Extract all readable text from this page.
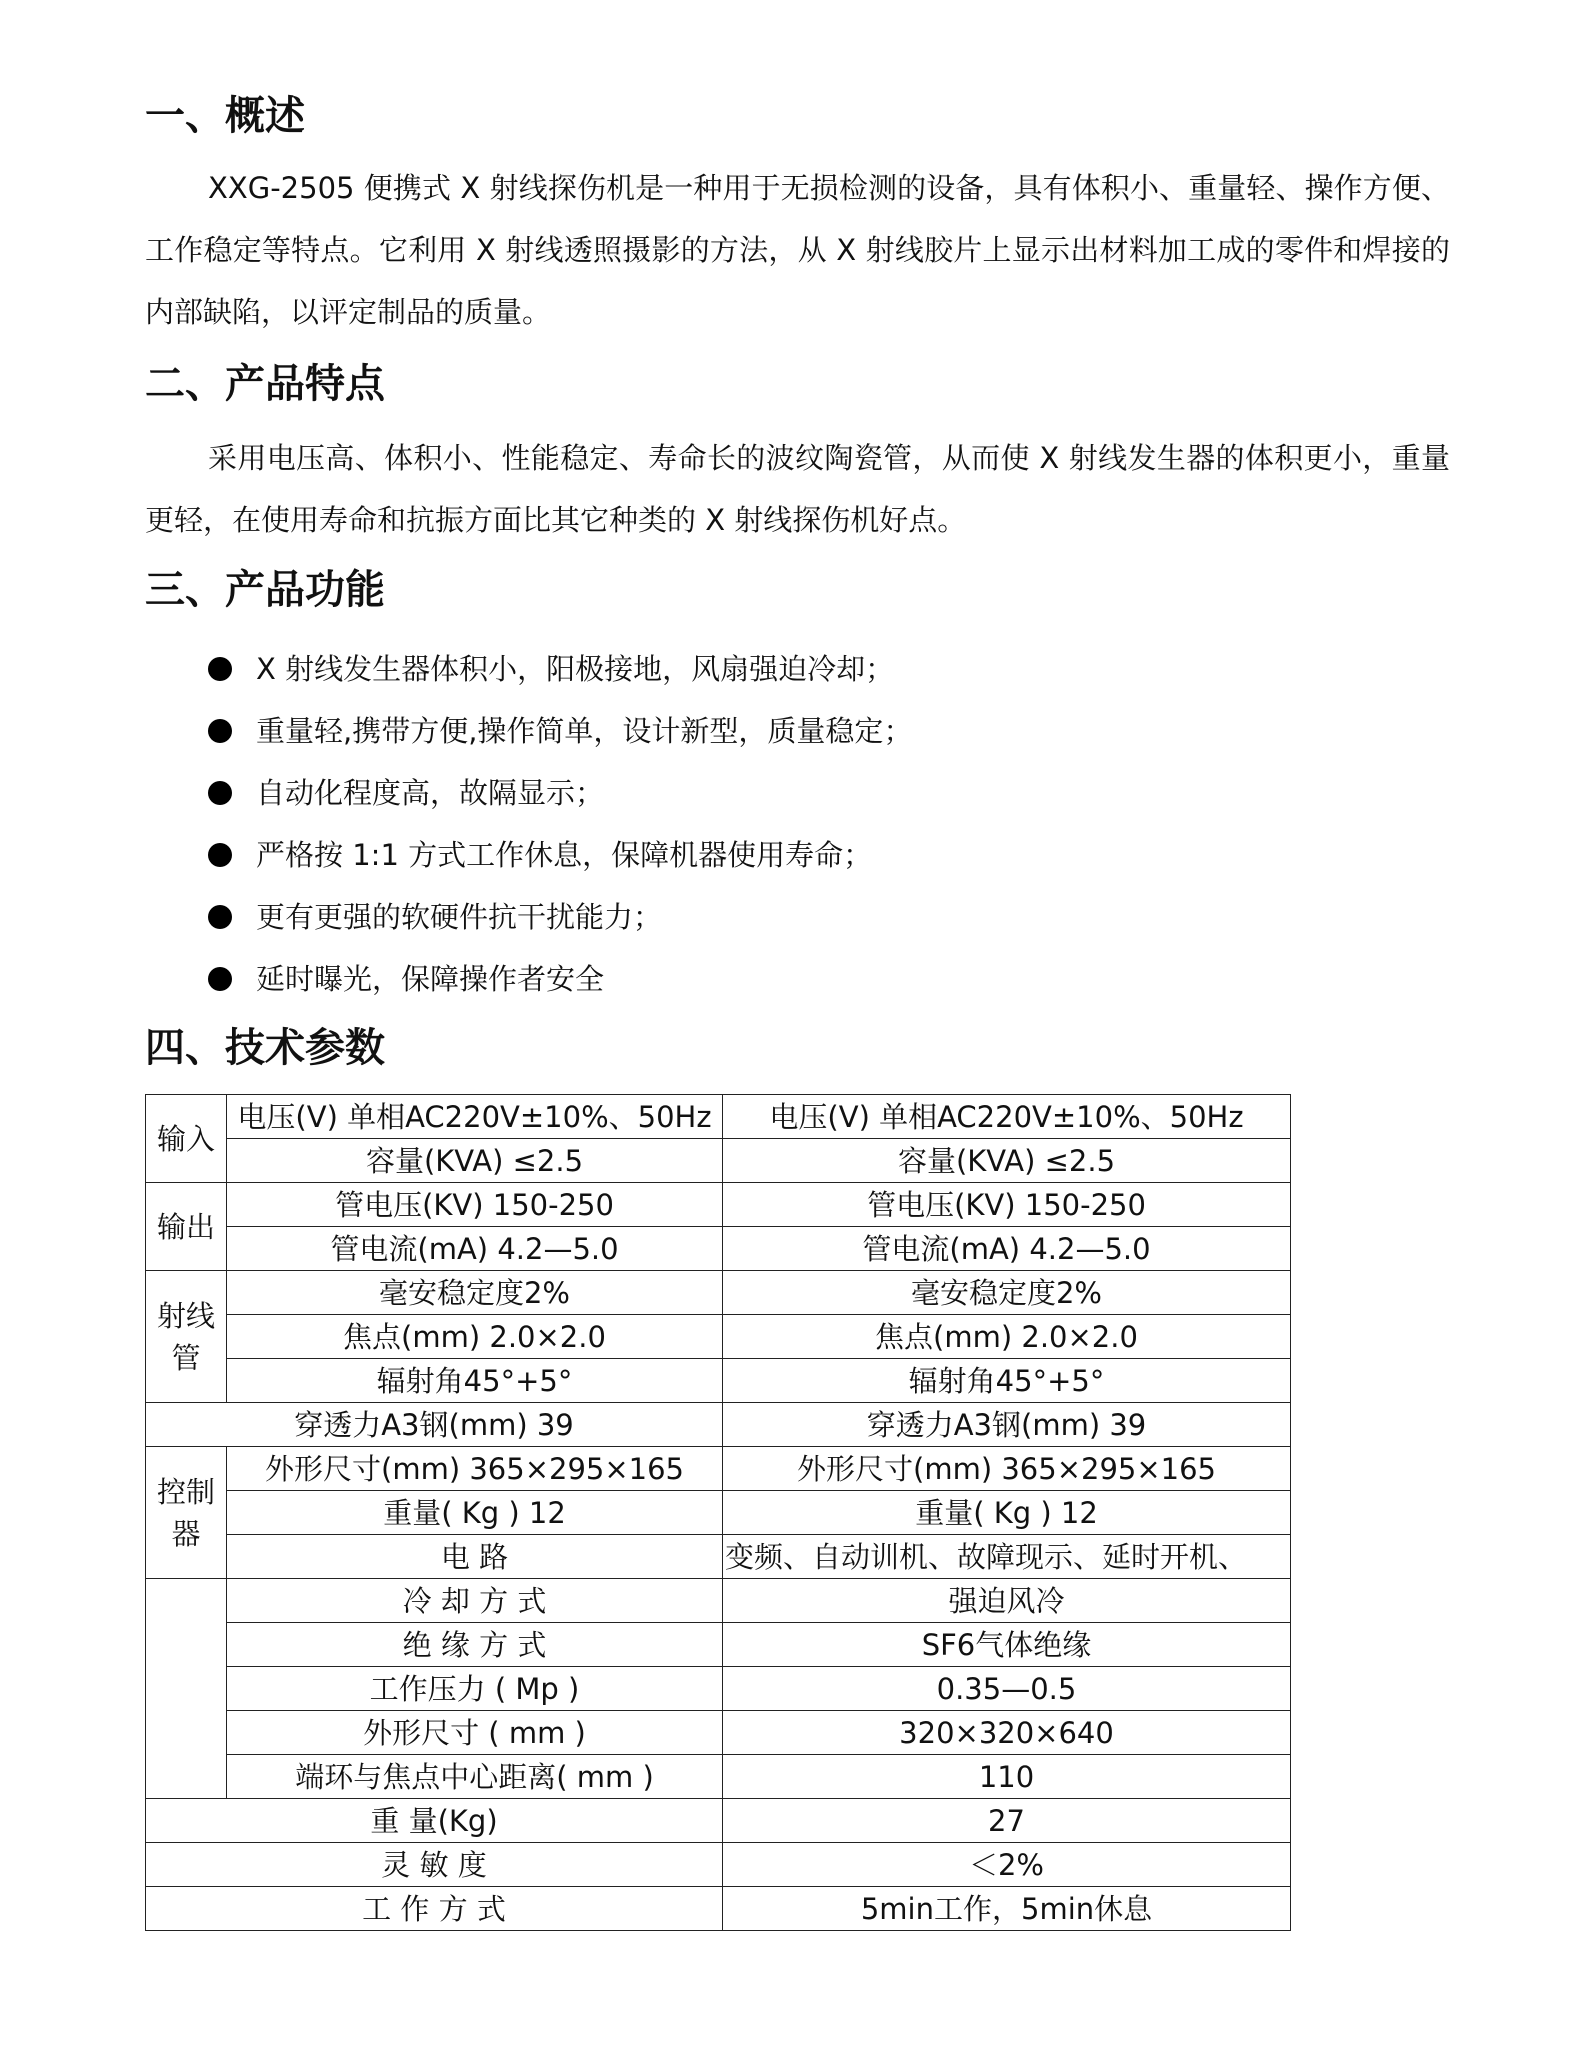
一、概述

XXG-2505 便携式 X 射线探伤机是一种用于无损检测的设备，具有体积小、重量轻、操作方便、工作稳定等特点。它利用 X 射线透照摄影的方法，从 X 射线胶片上显示出材料加工成的零件和焊接的内部缺陷，以评定制品的质量。

二、产品特点

采用电压高、体积小、性能稳定、寿命长的波纹陶瓷管，从而使 X 射线发生器的体积更小，重量更轻，在使用寿命和抗振方面比其它种类的 X 射线探伤机好点。

三、产品功能
X 射线发生器体积小，阳极接地，风扇强迫冷却；
重量轻,携带方便,操作简单，设计新型，质量稳定；
自动化程度高，故隔显示；
严格按 1:1 方式工作休息，保障机器使用寿命；
更有更强的软硬件抗干扰能力；
延时曝光，保障操作者安全
四、技术参数
输入	电压(V) 单相AC220V±10%、50Hz	电压(V) 单相AC220V±10%、50Hz
	容量(KVA) ≤2.5	容量(KVA) ≤2.5
输出	管电压(KV) 150-250	管电压(KV) 150-250
	管电流(mA) 4.2—5.0	管电流(mA) 4.2—5.0
射线管	毫安稳定度2%	毫安稳定度2%
	焦点(mm) 2.0×2.0	焦点(mm) 2.0×2.0
	辐射角45°+5°	辐射角45°+5°
穿透力A3钢(mm) 39		穿透力A3钢(mm) 39
控制器	外形尺寸(mm) 365×295×165	外形尺寸(mm) 365×295×165
	重量( Kg ) 12	重量( Kg ) 12
	电 路	变频、自动训机、故障现示、延时开机、
	冷 却 方 式	强迫风冷
	绝 缘 方 式	SF6气体绝缘
	工作压力 ( Mp )	0.35—0.5
	外形尺寸 ( mm )	320×320×640
	端环与焦点中心距离( mm )	110
重 量(Kg)		27
灵 敏 度		＜2%
工 作 方 式		5min工作，5min休息
